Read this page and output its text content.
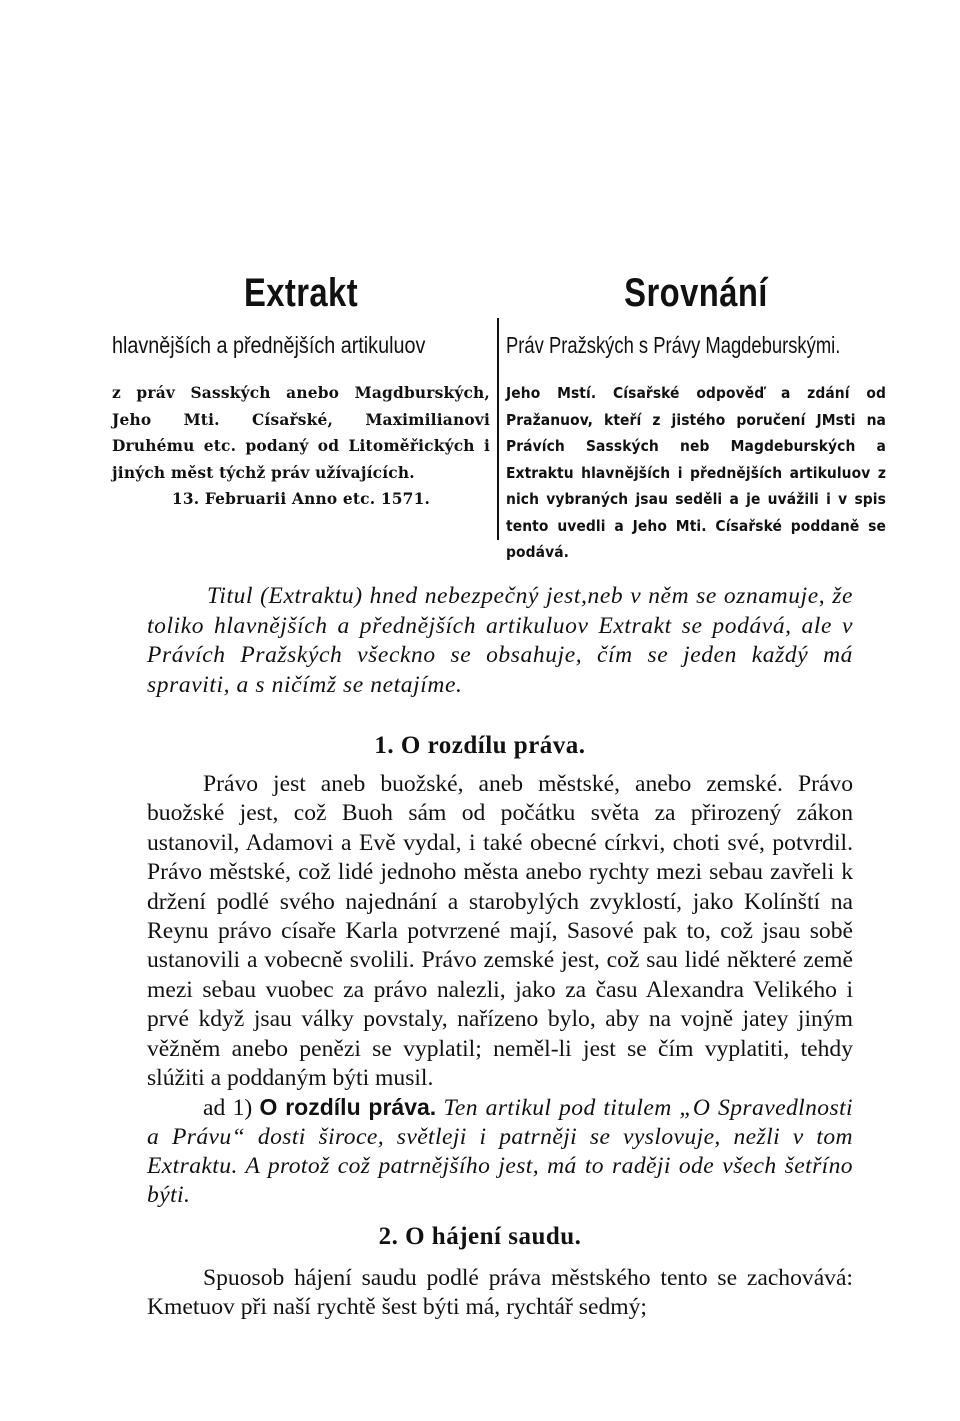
Extrakt
hlavnějších a přednějších artikuluov
z práv Sasských anebo Magdburských, Jeho Mti. Císařské, Maximilianovi Druhému etc. podaný od Litoměřických i jiných měst týchž práv užívajících.
13. Februarii Anno etc. 1571.
Srovnání
Práv Pražských s Právy Magdeburskými.
Jeho Mstí. Císařské odpověď a zdání od Pražanuov, kteří z jistého poručení JMsti na Právích Sasských neb Magdeburských a Extraktu hlavnějších i přednějších artikuluov z nich vybraných jsau seděli a je uvážili i v spis tento uvedli a Jeho Mti. Císařské poddaně se podává.

Titul (Extraktu) hned nebezpečný jest,neb v něm se oznamuje, že toliko hlavnějších a přednějších artikuluov Extrakt se podává, ale v Právích Pražských všeckno se obsahuje, čím se jeden každý má spraviti, a s ničímž se netajíme.

1. O rozdílu práva.

Právo jest aneb buožské, aneb městské, anebo zemské. Právo buožské jest, což Buoh sám od počátku světa za přirozený zákon ustanovil, Adamovi a Evě vydal, i také obecné církvi, choti své, potvrdil. Právo městské, což lidé jednoho města anebo rychty mezi sebau zavřeli k držení podlé svého najednání a starobylých zvyklostí, jako Kolínští na Reynu právo císaře Karla potvrzené mají, Sasové pak to, což jsau sobě ustanovili a vobecně svolili. Právo zemské jest, což sau lidé některé země mezi sebau vuobec za právo nalezli, jako za času Alexandra Velikého i prvé když jsau války povstaly, nařízeno bylo, aby na vojně jatey jiným věžněm anebo penězi se vyplatil; neměl-li jest se čím vyplatiti, tehdy slúžiti a poddaným býti musil.

ad 1) O rozdílu práva. Ten artikul pod titulem „O Spravedlnosti a Právu“ dosti široce, světleji i patrněji se vyslovuje, nežli v tom Extraktu. A protož což patrnějšího jest, má to raději ode všech šetříno býti.

2. O hájení saudu.

Spuosob hájení saudu podlé práva městského tento se zachovává: Kmetuov při naší rychtě šest býti má, rychtář sedmý;
